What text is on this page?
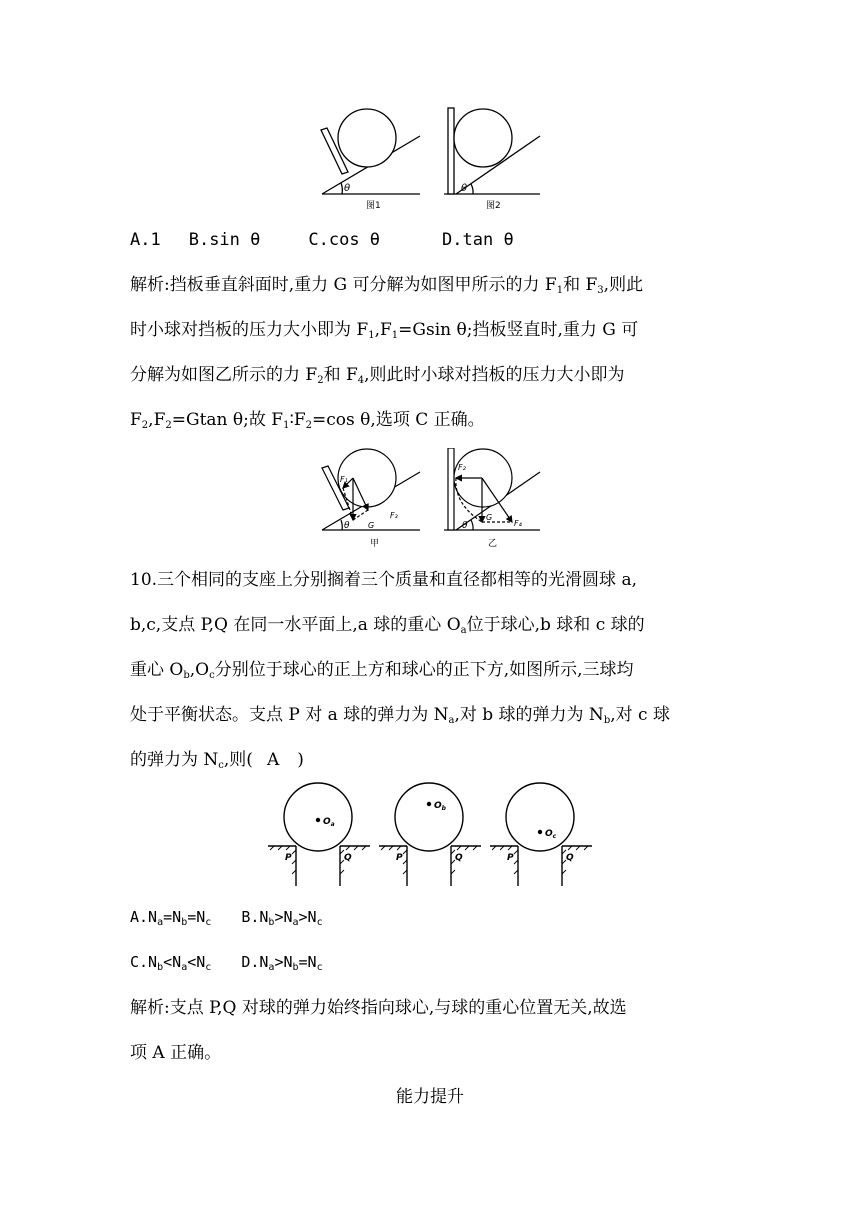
θ	θ
图1	图2
A.1 B.sin θ	C.cos θ	D.tan θ
解析:挡板垂直斜面时,重力 G 可分解为如图甲所示的力 $F_1$和 $F_3$,则此
时小球对挡板的压力大小即为 $F_1,F_1=Gsin$ θ;挡板竖直时,重力 G 可
分解为如图乙所示的力 $F_2$和 $F_4$,则此时小球对挡板的压力大小即为
$F_2,F_2=Gtan$ θ;故 $F_1∶F_2=\cos$ θ,选项 C 正确。
F₁
F₃
G
θ
F₂
F₄
G
θ
甲	乙
10.三个相同的支座上分别搁着三个质量和直径都相等的光滑圆球 a,
b,c,支点 P,Q 在同一水平面上,a 球的重心 $O_a$位于球心,b 球和 c 球的
重心 $O_b,O_c$分别位于球心的正上方和球心的正下方,如图所示,三球均
处于平衡状态。支点 P 对 a 球的弹力为 $N_a$,对 b 球的弹力为 $N_b$,对 c 球
的弹力为 $N_c$,则( A )
$O_a$
$O_b$
$O_c$
P	Q	P	Q	P	Q
$A.N_a=N_b=N_c$ $B.N_b>N_a>N_c$
$C.N_b<N_a<N_c$ $D.N_a>N_b=N_c$
解析:支点 P,Q 对球的弹力始终指向球心,与球的重心位置无关,故选
项 A 正确。
能力提升
